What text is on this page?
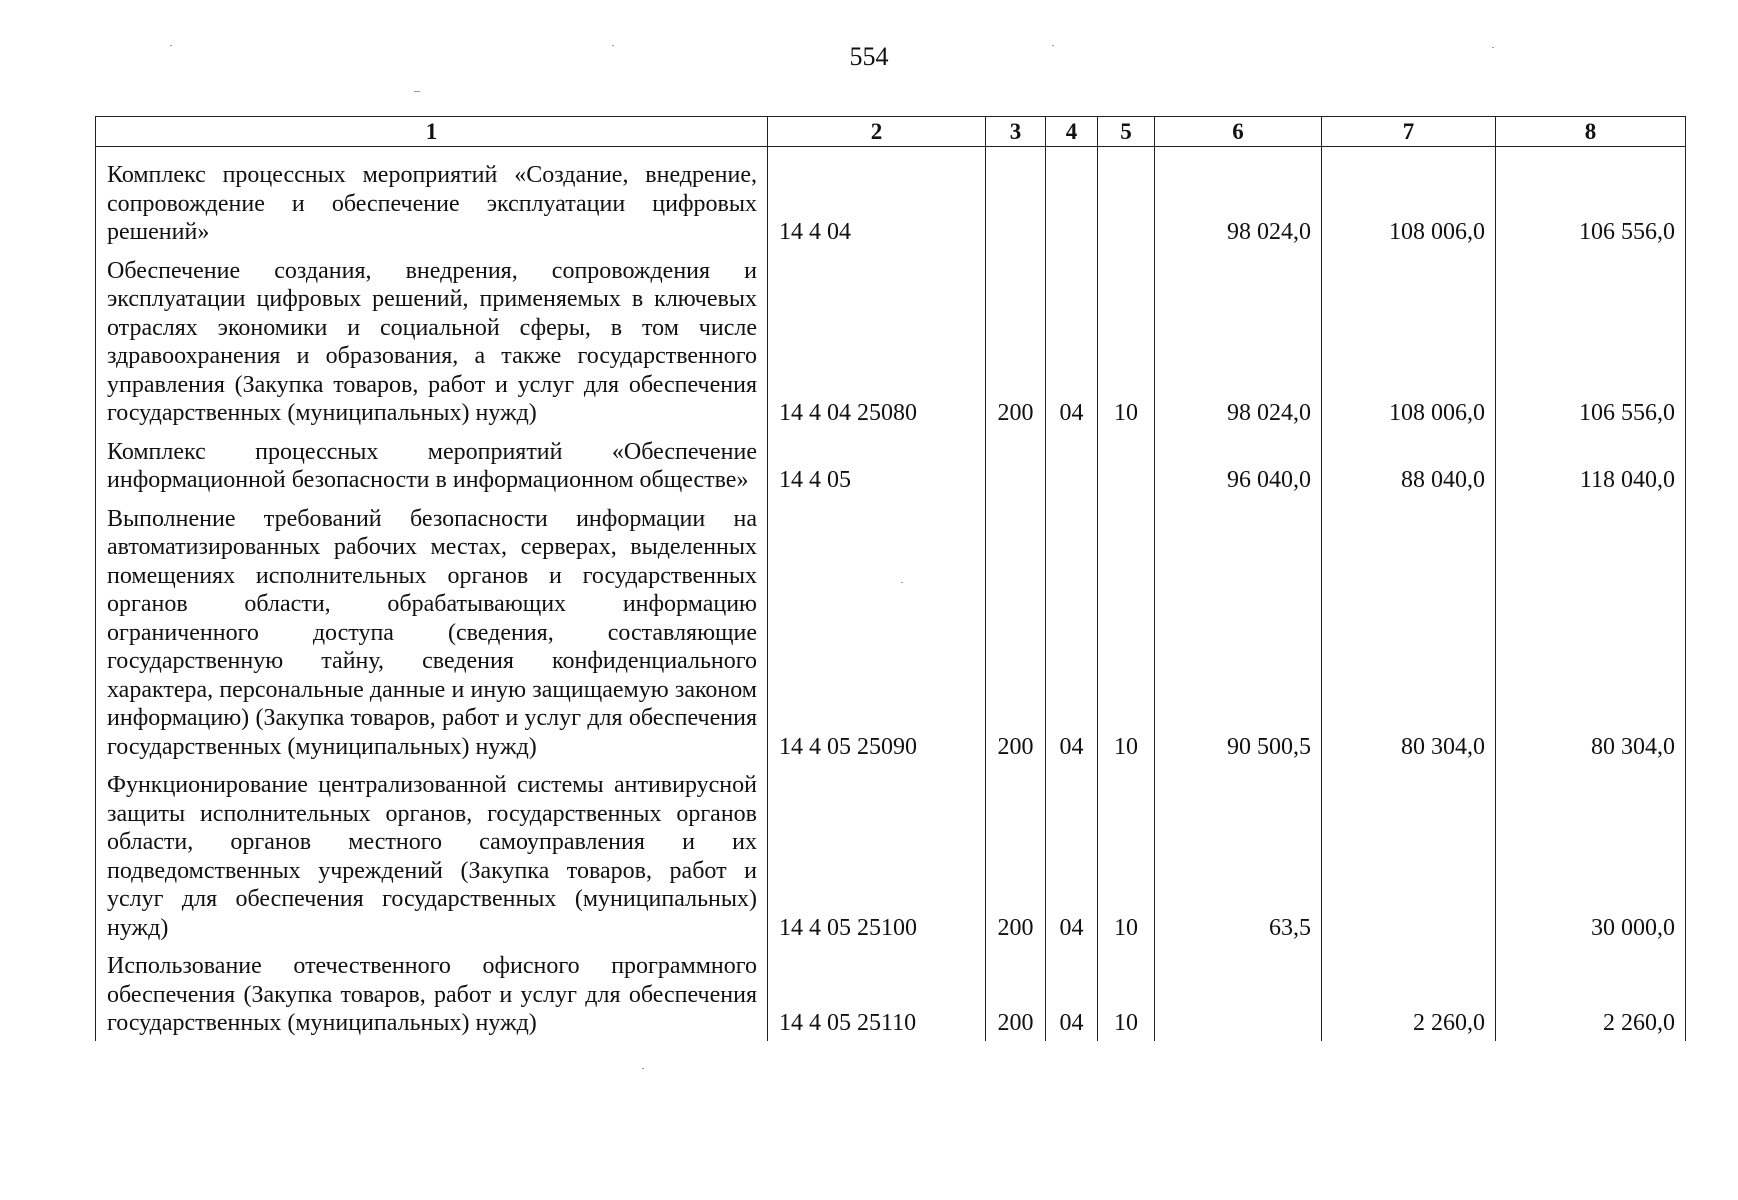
554
1	2	3	4	5	6	7	8
Комплекс процессных мероприятий «Создание, внедрение, сопровождение и обеспечение эксплуатации цифровых решений»	14 4 04				98 024,0	108 006,0	106 556,0
Обеспечение создания, внедрения, сопровождения и эксплуатации цифровых решений, применяемых в ключевых отраслях экономики и социальной сферы, в том числе здравоохранения и образования, а также государственного управления (Закупка товаров, работ и услуг для обеспечения государственных (муниципальных) нужд)	14 4 04 25080	200	04	10	98 024,0	108 006,0	106 556,0
Комплекс процессных мероприятий «Обеспечение информационной безопасности в информационном обществе»	14 4 05				96 040,0	88 040,0	118 040,0
Выполнение требований безопасности информации на автоматизированных рабочих местах, серверах, выделенных помещениях исполнительных органов и государственных органов области, обрабатывающих информацию ограниченного доступа (сведения, составляющие государственную тайну, сведения конфиденциального характера, персональные данные и иную защищаемую законом информацию) (Закупка товаров, работ и услуг для обеспечения государственных (муниципальных) нужд)	14 4 05 25090	200	04	10	90 500,5	80 304,0	80 304,0
Функционирование централизованной системы антивирусной защиты исполнительных органов, государственных органов области, органов местного самоуправления и их подведомственных учреждений (Закупка товаров, работ и услуг для обеспечения государственных (муниципальных) нужд)	14 4 05 25100	200	04	10	63,5		30 000,0
Использование отечественного офисного программного обеспечения (Закупка товаров, работ и услуг для обеспечения государственных (муниципальных) нужд)	14 4 05 25110	200	04	10		2 260,0	2 260,0
